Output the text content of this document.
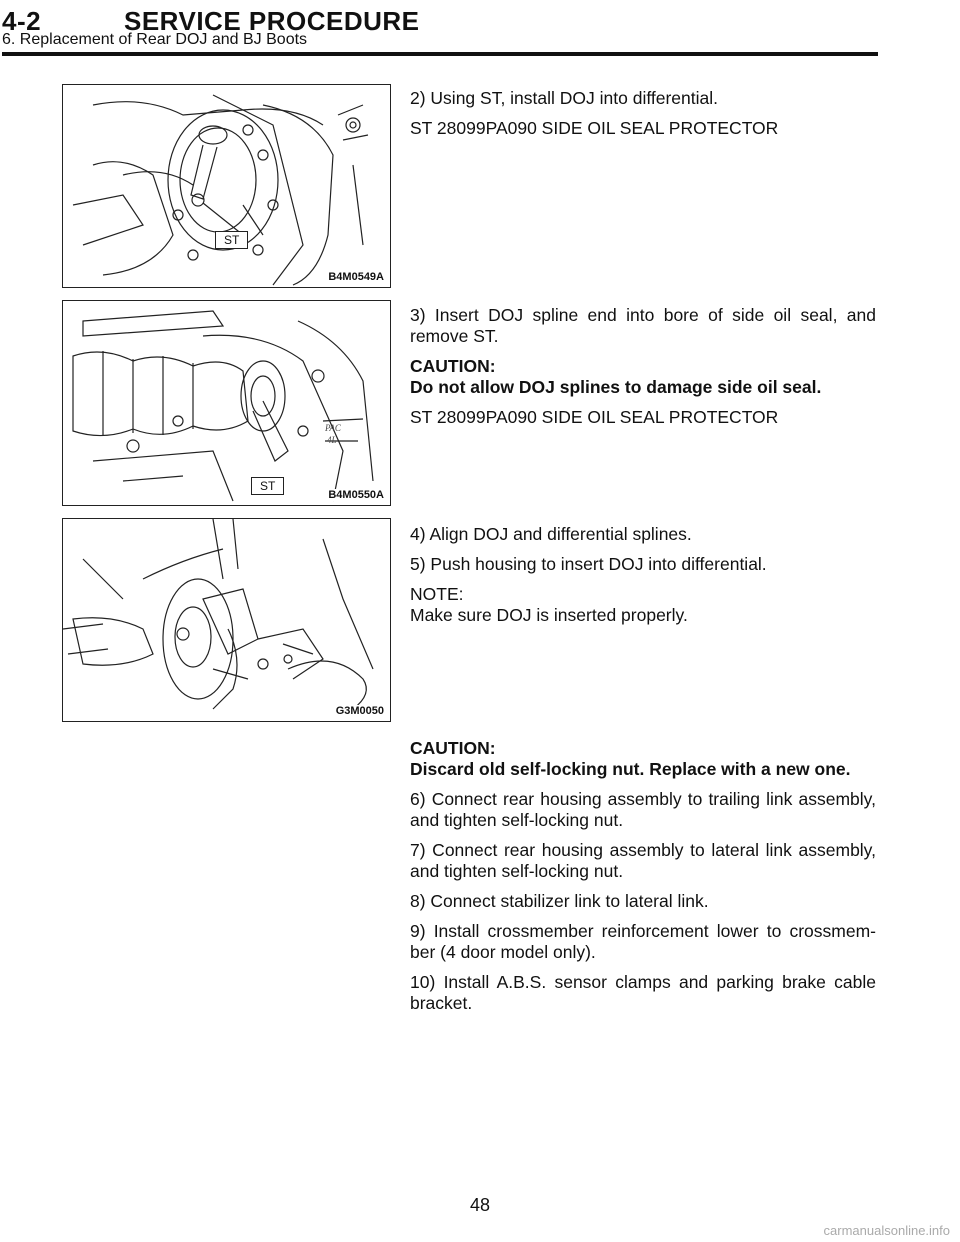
4-2	SERVICE PROCEDURE
6. Replacement of Rear DOJ and BJ Boots
ST
B4M0549A
PAC
4L
ST
B4M0550A
G3M0050

2) Using ST, install DOJ into differential.

ST 28099PA090 SIDE OIL SEAL PROTECTOR

3) Insert DOJ spline end into bore of side oil seal, and remove ST.

CAUTION:

Do not allow DOJ splines to damage side oil seal.

ST 28099PA090 SIDE OIL SEAL PROTECTOR

4) Align DOJ and differential splines.

5) Push housing to insert DOJ into differential.

NOTE:

Make sure DOJ is inserted properly.

CAUTION:

Discard old self-locking nut. Replace with a new one.

6) Connect rear housing assembly to trailing link assembly, and tighten self-locking nut.

7) Connect rear housing assembly to lateral link assembly, and tighten self-locking nut.

8) Connect stabilizer link to lateral link.

9) Install crossmember reinforcement lower to crossmem-ber (4 door model only).

10) Install A.B.S. sensor clamps and parking brake cable bracket.

48
carmanualsonline.info
